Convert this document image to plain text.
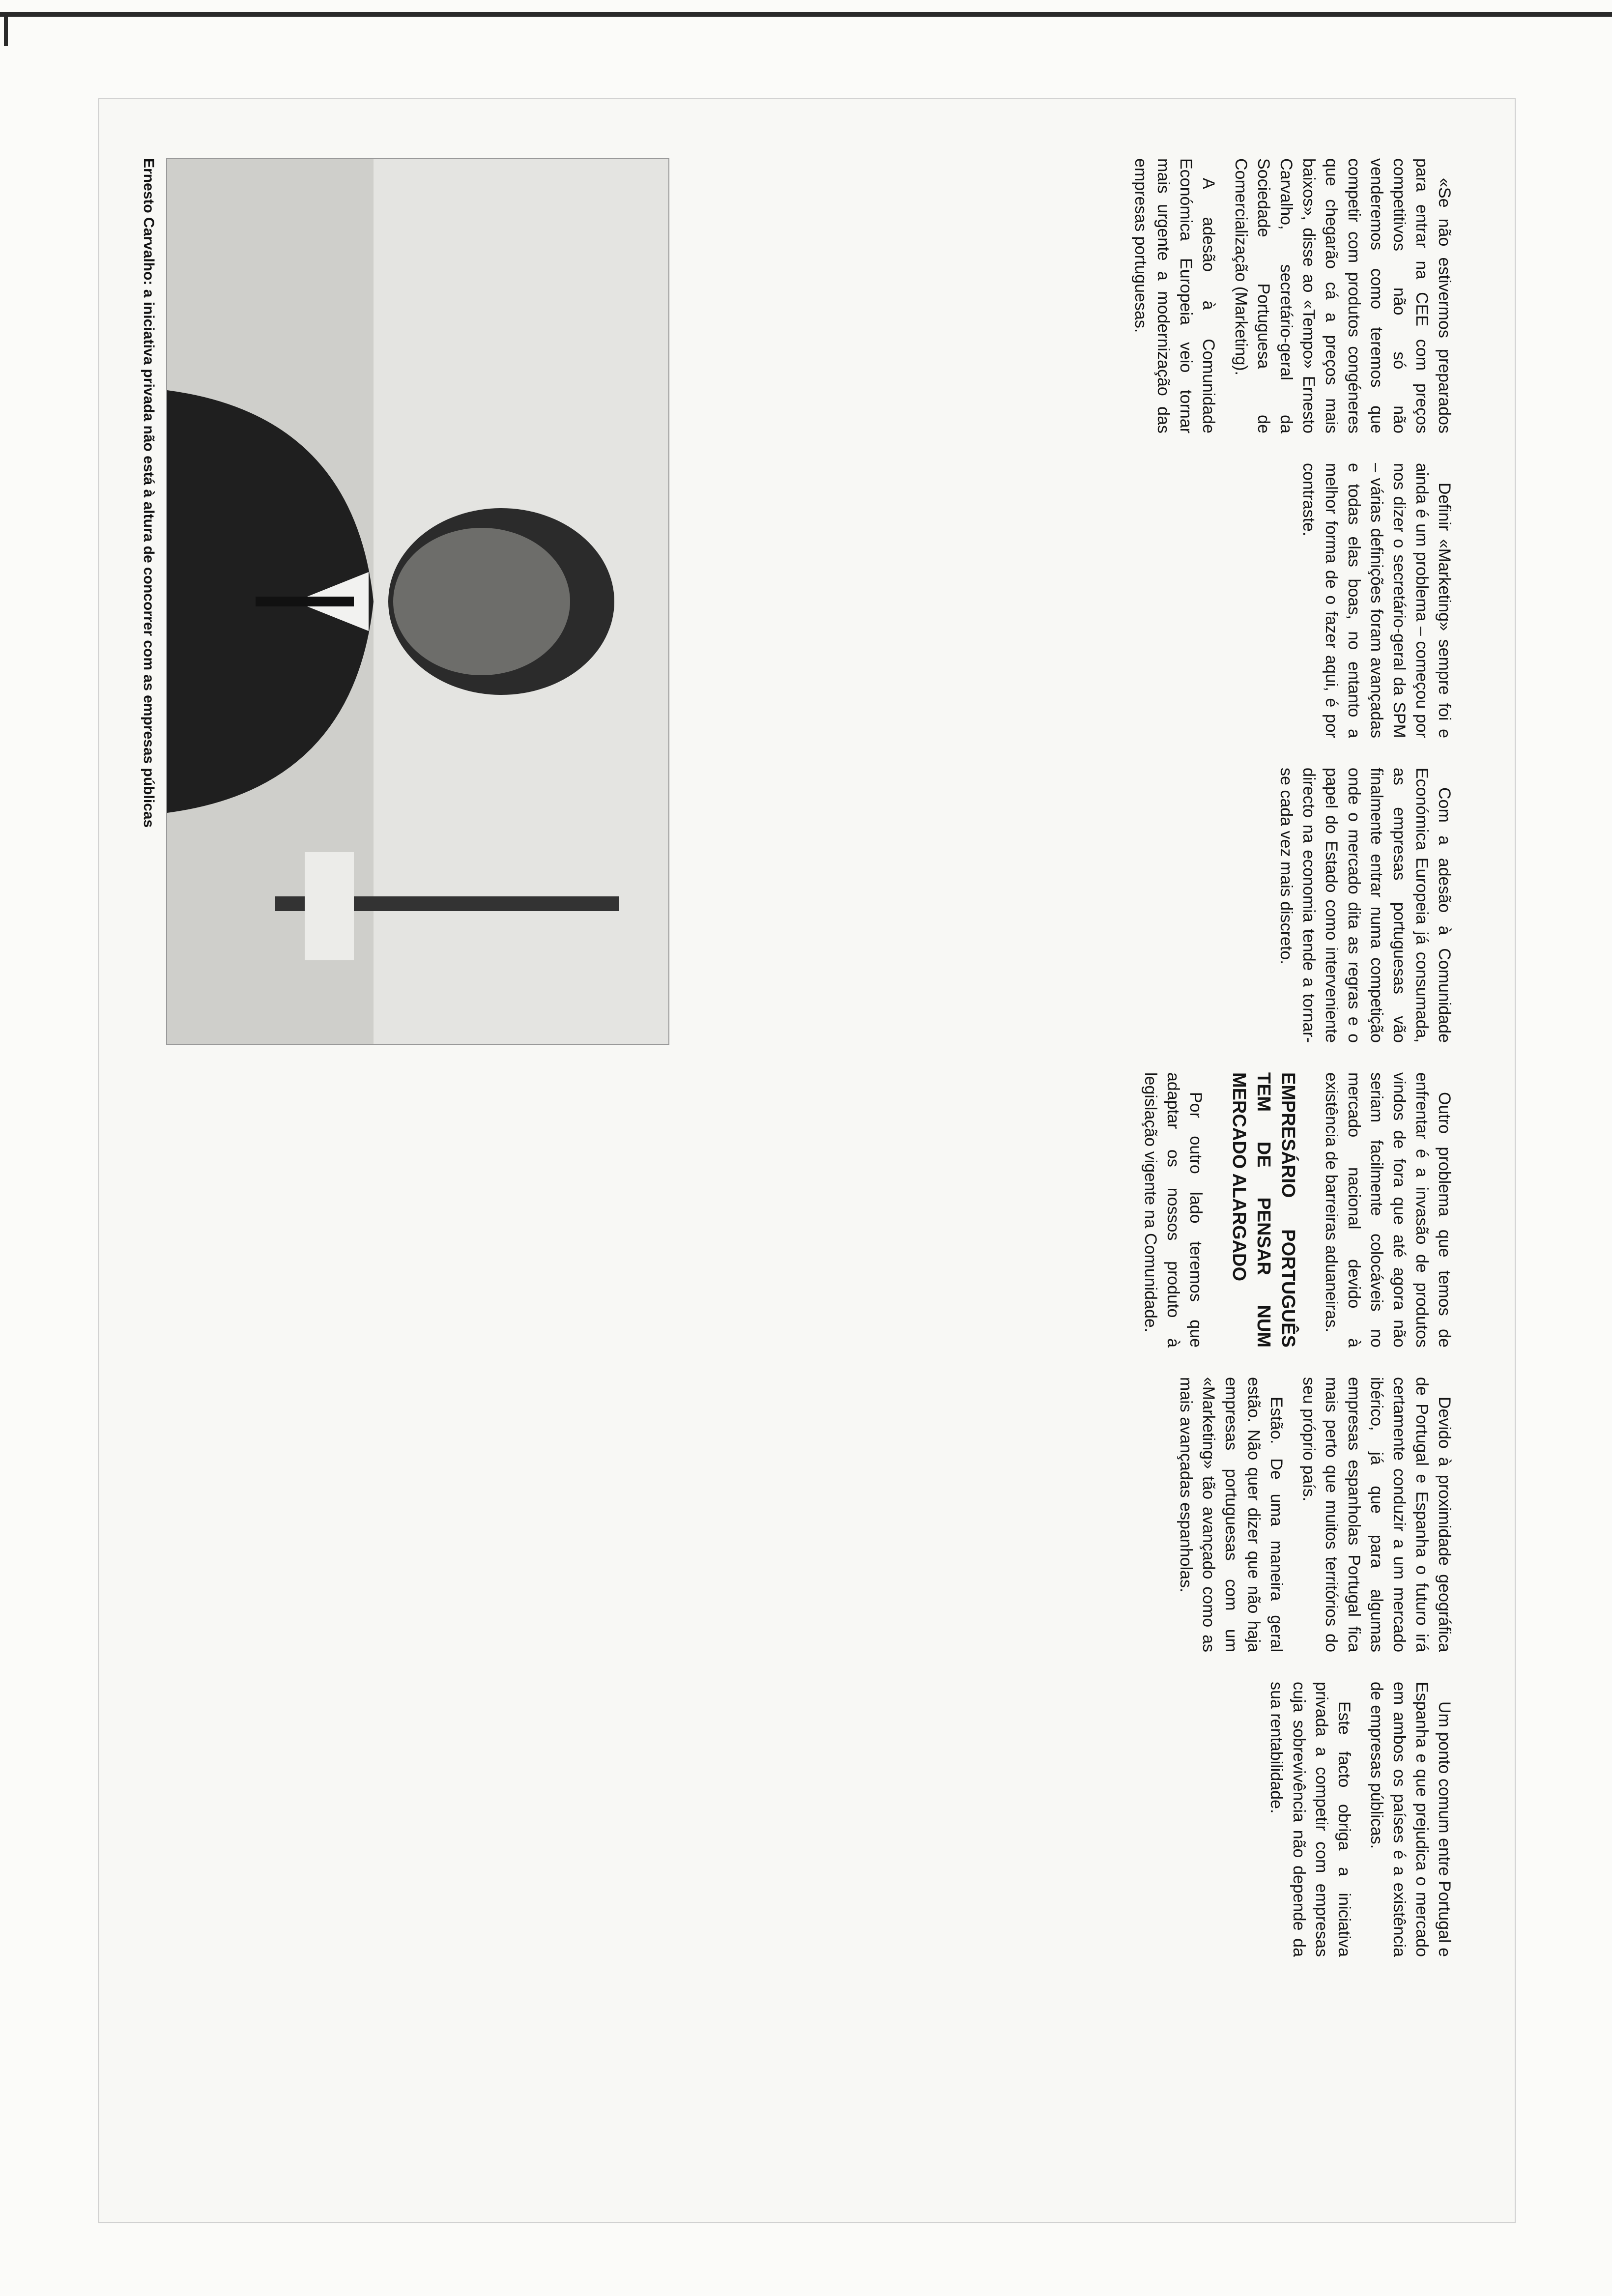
«Se não estivermos preparados para entrar na CEE com preços competitivos não só não venderemos como teremos que competir com produtos congéneres que chegarão cá a preços mais baixos», disse ao «Tempo» Ernesto Carvalho, secretário-geral da Sociedade Portuguesa de Comercialização (Marketing).

A adesão à Comunidade Económica Europeia veio tornar mais urgente a modernização das empresas portuguesas.

Definir «Marketing» sempre foi e ainda é um problema – começou por nos dizer o secretário-geral da SPM – várias definições foram avançadas e todas elas boas, no entanto a melhor forma de o fazer aqui, é por contraste.

Com a adesão à Comunidade Económica Europeia já consumada, as empresas portuguesas vão finalmente entrar numa competição onde o mercado dita as regras e o papel do Estado como interveniente directo na economia tende a tornar-se cada vez mais discreto.

Outro problema que temos de enfrentar é a invasão de produtos vindos de fora que até agora não seriam facilmente colocáveis no mercado nacional devido à existência de barreiras aduaneiras.

EMPRESÁRIO PORTUGUÊS TEM DE PENSAR NUM MERCADO ALARGADO

Por outro lado teremos que adaptar os nossos produto à legislação vigente na Comunidade.

Devido à proximidade geográfica de Portugal e Espanha o futuro irá certamente conduzir a um mercado ibérico, já que para algumas empresas espanholas Portugal fica mais perto que muitos territórios do seu próprio país.

Estão. De uma maneira geral estão. Não quer dizer que não haja empresas portuguesas com um «Marketing» tão avançado como as mais avançadas espanholas.

Um ponto comum entre Portugal e Espanha e que prejudica o mercado em ambos os países é a existência de empresas públicas.

Este facto obriga a iniciativa privada a competir com empresas cuja sobrevivência não depende da sua rentabilidade.

Ernesto Carvalho: a iniciativa privada não está à altura de concorrer com as empresas públicas
